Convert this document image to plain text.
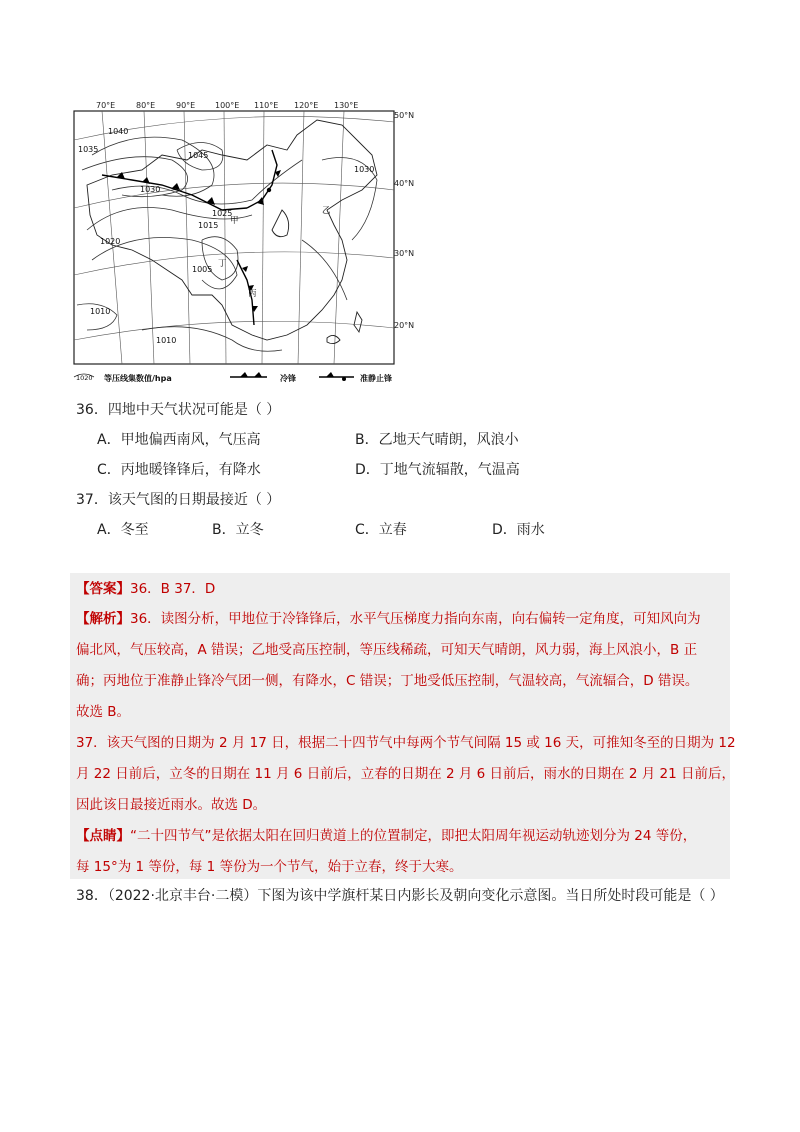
70°E	80°E	90°E 100°E 110°E 120°E 130°E
50°N
40°N
30°N
20°N
1040
1035
1045
1030
1030
1025
1015
1020
1005
1010
1010
甲
乙
丙
丁
1020 等压线集数值/hpa	冷锋	准静止锋
36．四地中天气状况可能是（ ）
A．甲地偏西南风，气压高	B．乙地天气晴朗，风浪小
C．丙地暖锋锋后，有降水	D．丁地气流辐散，气温高
37．该天气图的日期最接近（ ）
A．冬至	B．立冬	C．立春	D．雨水
【答案】36．B 37．D
【解析】36．读图分析，甲地位于冷锋锋后，水平气压梯度力指向东南，向右偏转一定角度，可知风向为
偏北风，气压较高，A 错误；乙地受高压控制，等压线稀疏，可知天气晴朗，风力弱，海上风浪小，B 正
确；丙地位于准静止锋冷气团一侧，有降水，C 错误；丁地受低压控制，气温较高，气流辐合，D 错误。
故选 B。
37．该天气图的日期为 2 月 17 日，根据二十四节气中每两个节气间隔 15 或 16 天，可推知冬至的日期为 12
月 22 日前后，立冬的日期在 11 月 6 日前后，立春的日期在 2 月 6 日前后，雨水的日期在 2 月 21 日前后，
因此该日最接近雨水。故选 D。
【点睛】“二十四节气”是依据太阳在回归黄道上的位置制定，即把太阳周年视运动轨迹划分为 24 等份，
每 15°为 1 等份，每 1 等份为一个节气，始于立春，终于大寒。
38．（2022·北京丰台·二模）下图为该中学旗杆某日内影长及朝向变化示意图。当日所处时段可能是（ ）
